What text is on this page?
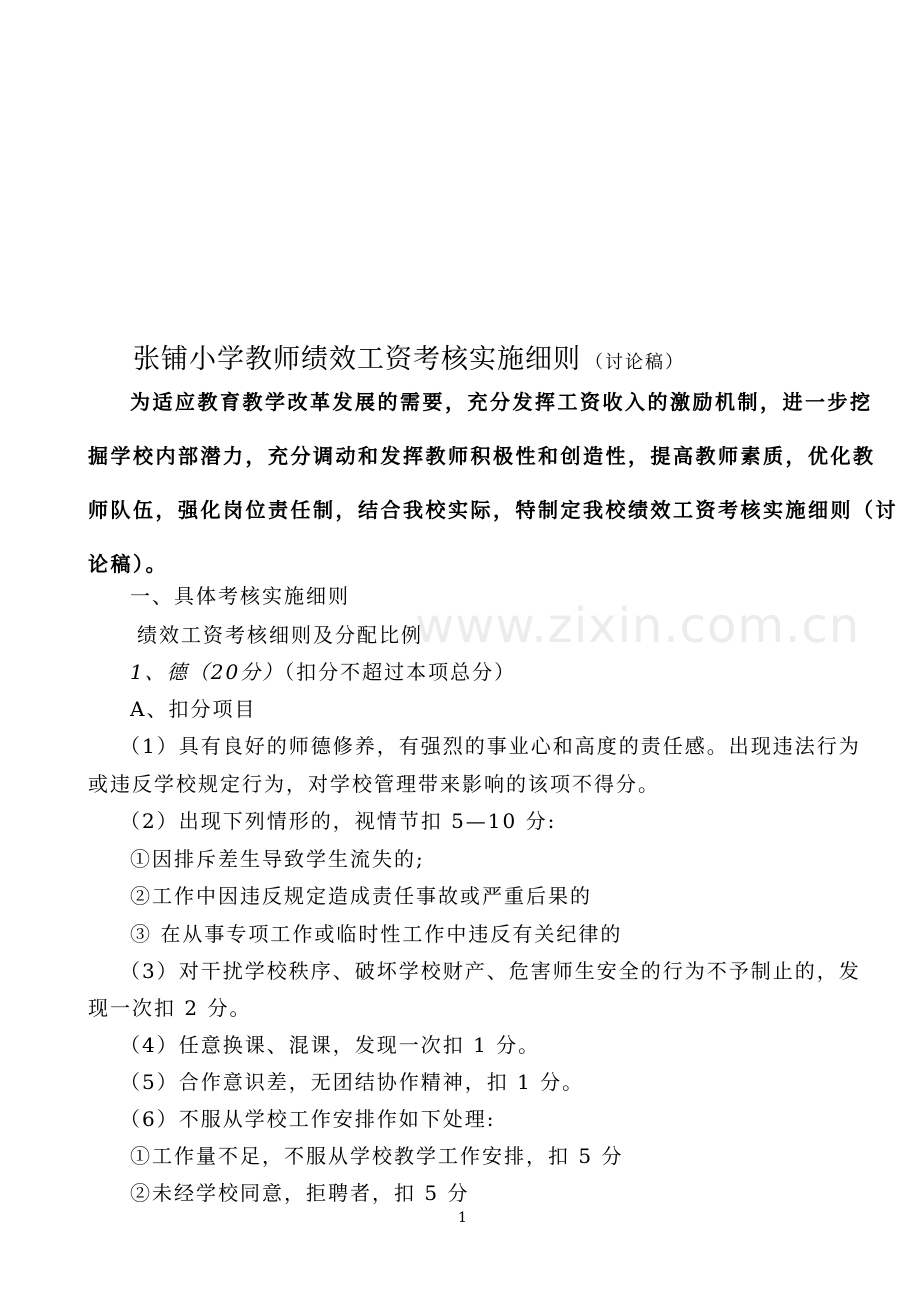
www.zixin.com.cn
张铺小学教师绩效工资考核实施细则 （讨论稿）
为适应教育教学改革发展的需要，充分发挥工资收入的激励机制，进一步挖
掘学校内部潜力，充分调动和发挥教师积极性和创造性，提高教师素质，优化教
师队伍，强化岗位责任制，结合我校实际，特制定我校绩效工资考核实施细则（讨
论稿）。
一、具体考核实施细则
绩效工资考核细则及分配比例
1、德（20分）（扣分不超过本项总分）
A、扣分项目
（1）具有良好的师德修养，有强烈的事业心和高度的责任感。出现违法行为
或违反学校规定行为，对学校管理带来影响的该项不得分。
（2）出现下列情形的，视情节扣 5—10 分:
①因排斥差生导致学生流失的;
②工作中因违反规定造成责任事故或严重后果的
③ 在从事专项工作或临时性工作中违反有关纪律的
（3）对干扰学校秩序、破坏学校财产、危害师生安全的行为不予制止的，发
现一次扣 2 分。
（4）任意换课、混课，发现一次扣 1 分。
（5）合作意识差，无团结协作精神，扣 1 分。
（6）不服从学校工作安排作如下处理:
①工作量不足，不服从学校教学工作安排，扣 5 分
②未经学校同意，拒聘者，扣 5 分
1
